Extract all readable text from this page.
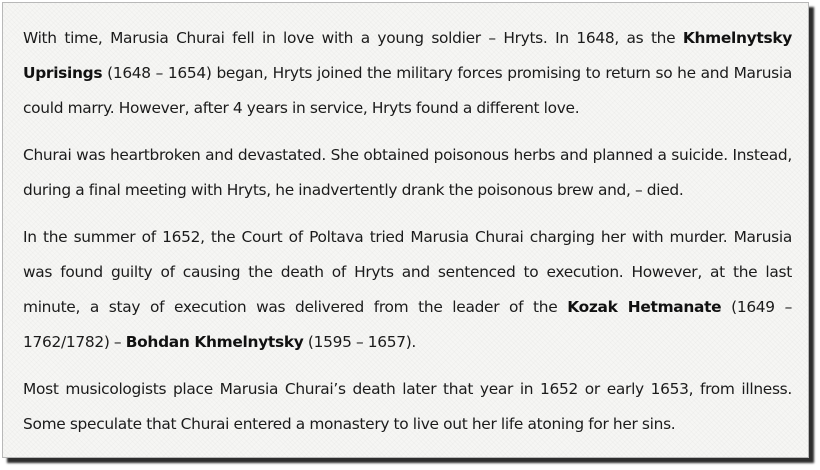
With time, Marusia Churai fell in love with a young soldier – Hryts. In 1648, as the Khmelnytsky Uprisings (1648 – 1654) began, Hryts joined the military forces promising to return so he and Marusia could marry. However, after 4 years in service, Hryts found a different love.

Churai was heartbroken and devastated. She obtained poisonous herbs and planned a suicide. Instead, during a final meeting with Hryts, he inadvertently drank the poisonous brew and, – died.

In the summer of 1652, the Court of Poltava tried Marusia Churai charging her with murder. Marusia was found guilty of causing the death of Hryts and sentenced to execution. However, at the last minute, a stay of execution was delivered from the leader of the Kozak Hetmanate (1649 – 1762/1782) – Bohdan Khmelnytsky (1595 – 1657).

Most musicologists place Marusia Churai’s death later that year in 1652 or early 1653, from illness. Some speculate that Churai entered a monastery to live out her life atoning for her sins.
